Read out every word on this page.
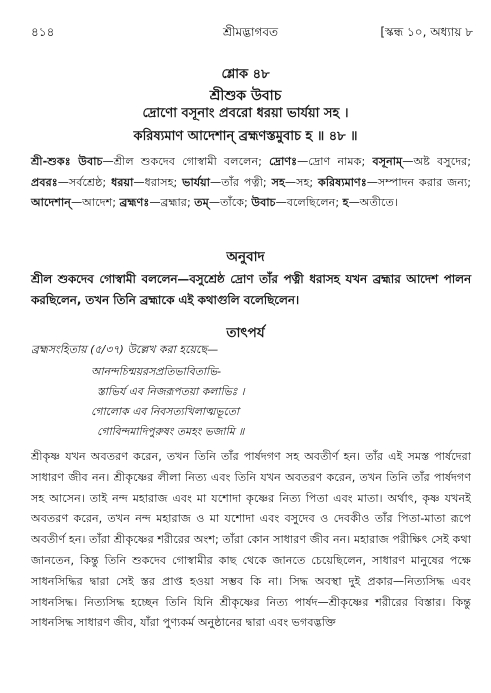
৪১৪	শ্রীমদ্ভাগবত	[স্কন্ধ ১০, অধ্যায় ৮
শ্লোক ৪৮
শ্রীশুক উবাচ
দ্রোণো বসূনাং প্রবরো ধরয়া ভার্যয়া সহ ।
করিষ্যমাণ আদেশান্ ব্রহ্মণস্তমুবাচ হ ॥ ৪৮ ॥
শ্রী-শুকঃ উবাচ—শ্রীল শুকদেব গোস্বামী বললেন; দ্রোণঃ—দ্রোণ নামক; বসূনাম্—অষ্ট বসুদের; প্রবরঃ—সর্বশ্রেষ্ঠ; ধরয়া—ধরাসহ; ভার্যয়া—তাঁর পত্নী; সহ—সহ; করিষ্যমাণঃ—সম্পাদন করার জন্য; আদেশান্—আদেশ; ব্রহ্মণঃ—ব্রহ্মার; তম্—তাঁকে; উবাচ—বলেছিলেন; হ—অতীতে।
অনুবাদ
শ্রীল শুকদেব গোস্বামী বললেন—বসুশ্রেষ্ঠ দ্রোণ তাঁর পত্নী ধরাসহ যখন ব্রহ্মার আদেশ পালন করছিলেন, তখন তিনি ব্রহ্মাকে এই কথাগুলি বলেছিলেন।
তাৎপর্য
ব্রহ্মসংহিতায় (৫/৩৭) উল্লেখ করা হয়েছে—
আনন্দচিন্ময়রসপ্রতিভাবিতাভি-
স্তাভির্য এব নিজরূপতয়া কলাভিঃ ।
গোলোক এব নিবসত্যখিলাত্মভূতো
গোবিন্দমাদিপুরুষং তমহং ভজামি ॥
শ্রীকৃষ্ণ যখন অবতরণ করেন, তখন তিনি তাঁর পার্ষদগণ সহ অবতীর্ণ হন। তাঁর এই সমস্ত পার্ষদেরা সাধারণ জীব নন। শ্রীকৃষ্ণের লীলা নিত্য এবং তিনি যখন অবতরণ করেন, তখন তিনি তাঁর পার্ষদগণ সহ আসেন। তাই নন্দ মহারাজ এবং মা যশোদা কৃষ্ণের নিত্য পিতা এবং মাতা। অর্থাৎ, কৃষ্ণ যখনই অবতরণ করেন, তখন নন্দ মহারাজ ও মা যশোদা এবং বসুদেব ও দেবকীও তাঁর পিতা-মাতা রূপে অবতীর্ণ হন। তাঁরা শ্রীকৃষ্ণের শরীরের অংশ; তাঁরা কোন সাধারণ জীব নন। মহারাজ পরীক্ষিৎ সেই কথা জানতেন, কিন্তু তিনি শুকদেব গোস্বামীর কাছ থেকে জানতে চেয়েছিলেন, সাধারণ মানুষের পক্ষে সাধনসিদ্ধির দ্বারা সেই স্তর প্রাপ্ত হওয়া সম্ভব কি না। সিদ্ধ অবস্থা দুই প্রকার—নিত্যসিদ্ধ এবং সাধনসিদ্ধ। নিত্যসিদ্ধ হচ্ছেন তিনি যিনি শ্রীকৃষ্ণের নিত্য পার্ষদ—শ্রীকৃষ্ণের শরীরের বিস্তার। কিন্তু সাধনসিদ্ধ সাধারণ জীব, যাঁরা পুণ্যকর্ম অনুষ্ঠানের দ্বারা এবং ভগবদ্ভক্তি
